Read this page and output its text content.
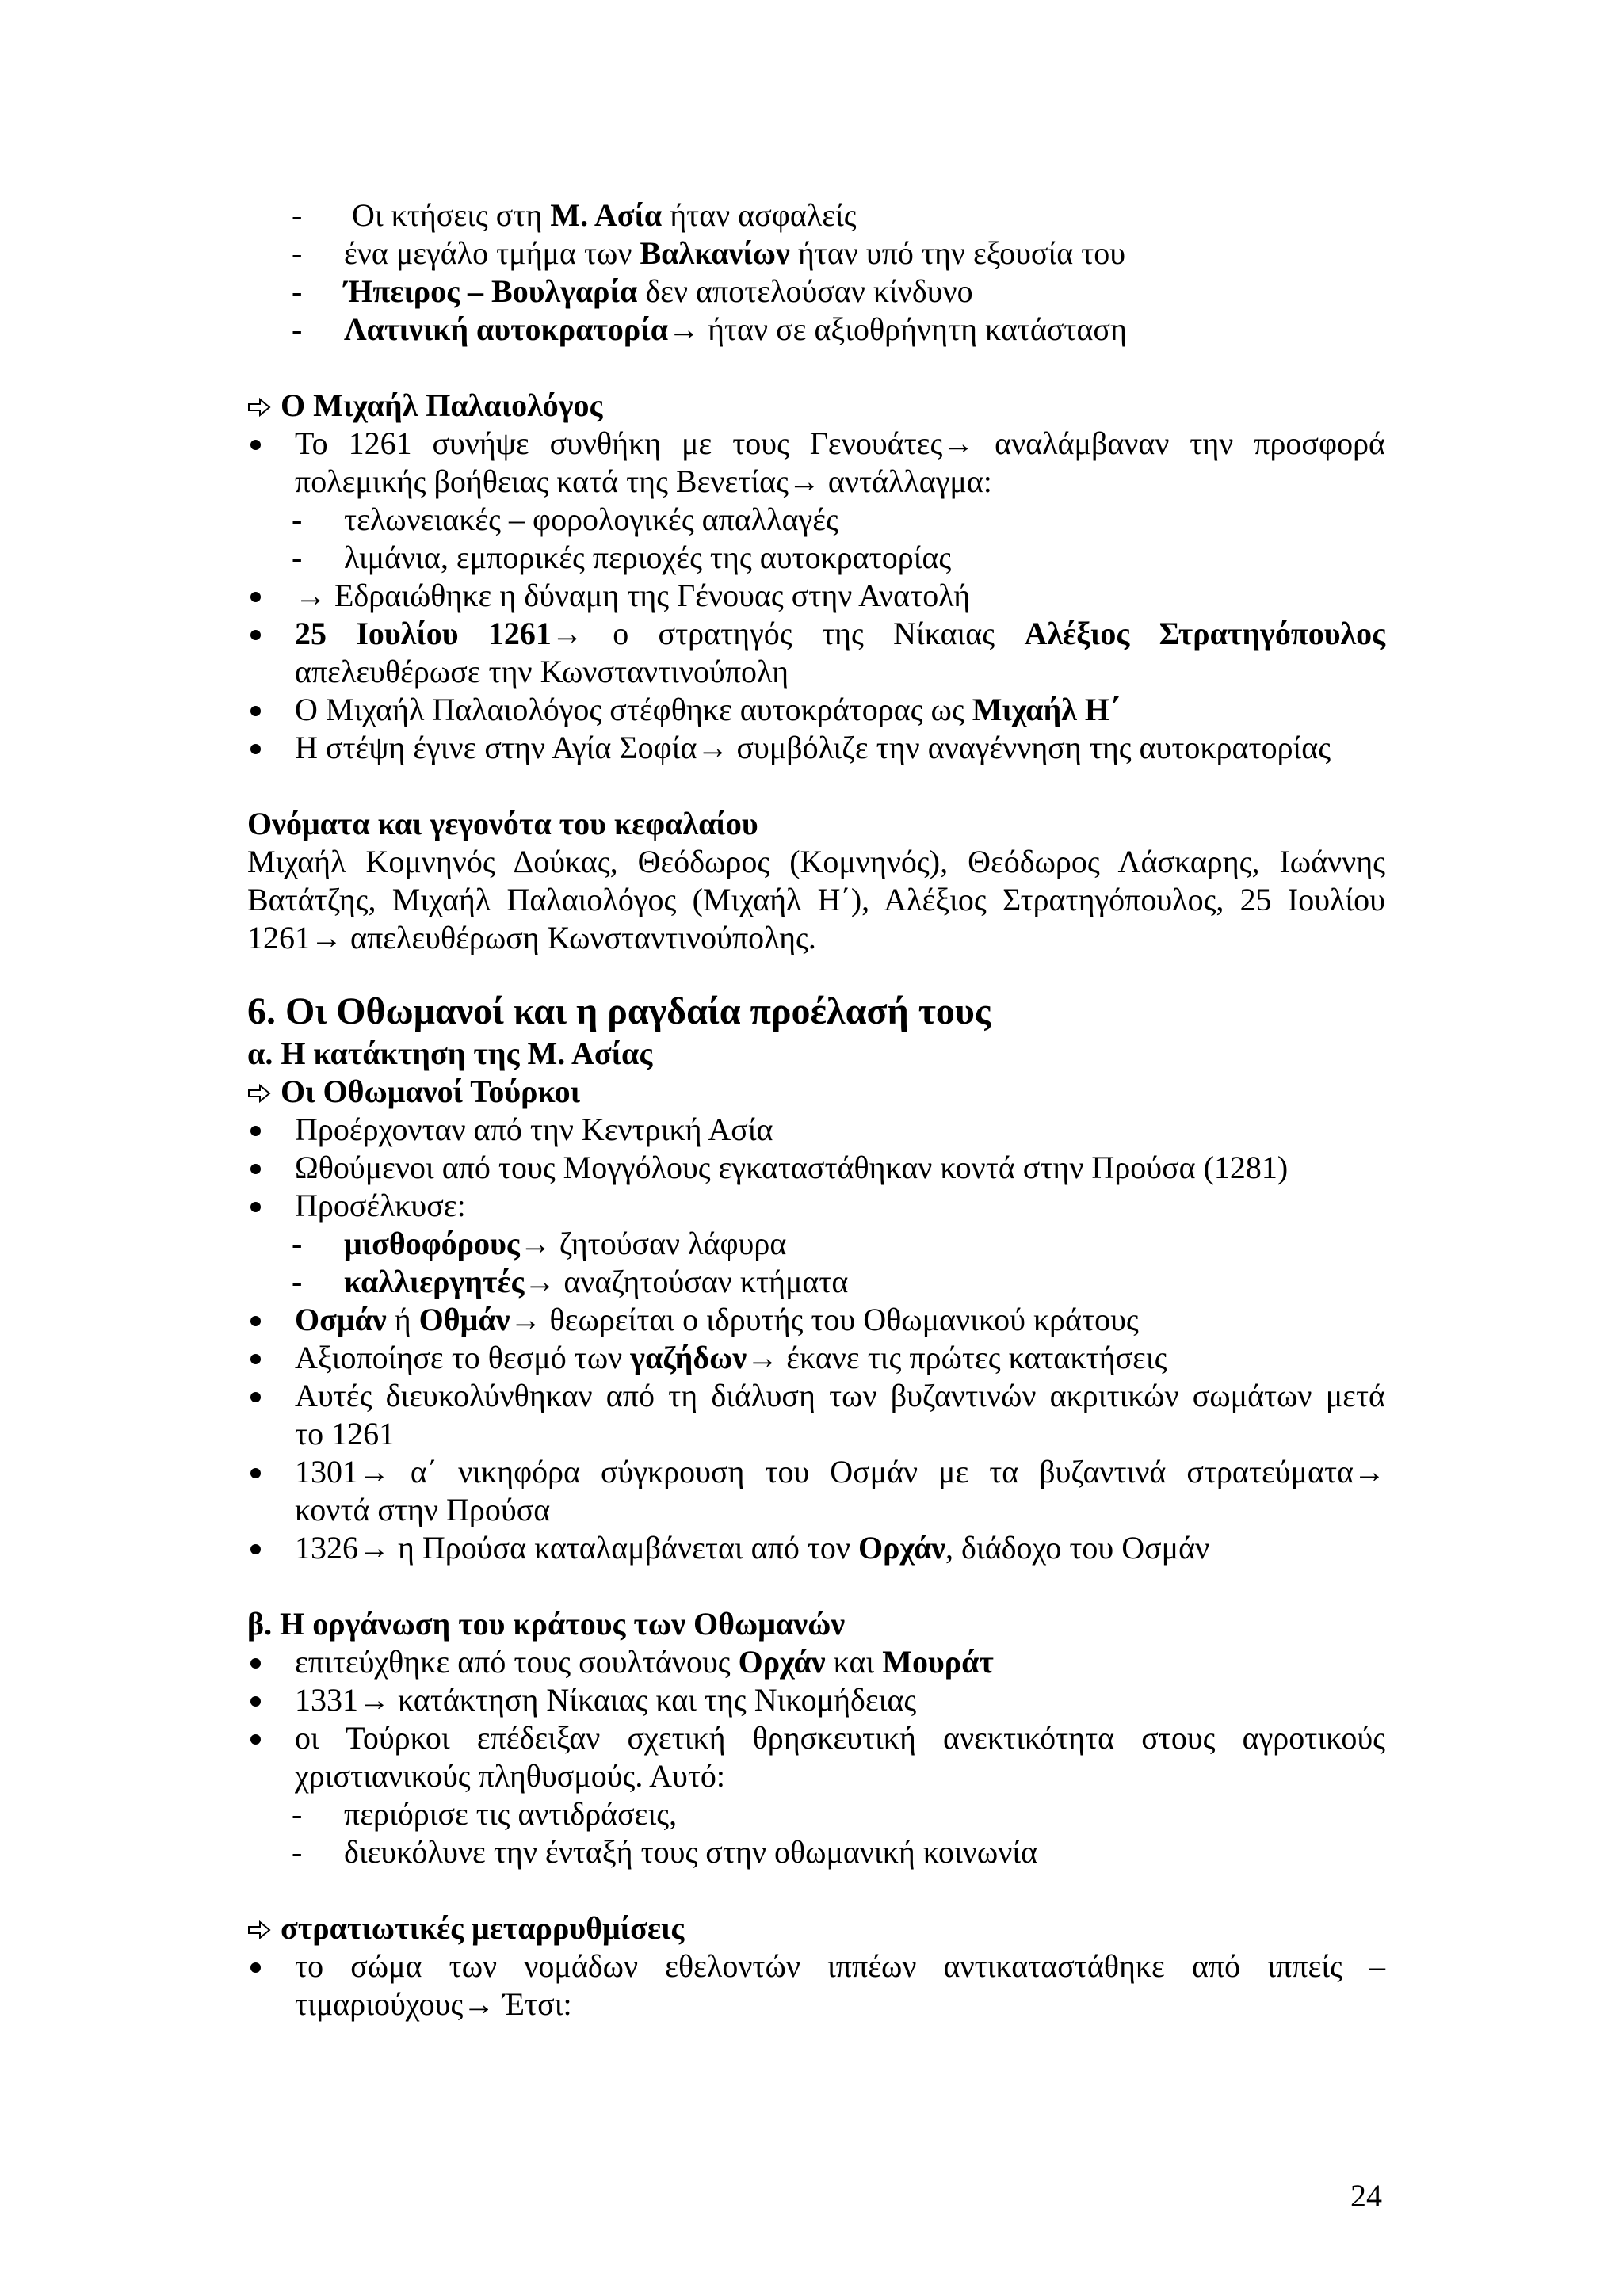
- Οι κτήσεις στη Μ. Ασία ήταν ασφαλείς
- ένα μεγάλο τμήμα των Βαλκανίων ήταν υπό την εξουσία του
- Ήπειρος – Βουλγαρία δεν αποτελούσαν κίνδυνο
- Λατινική αυτοκρατορία→ ήταν σε αξιοθρήνητη κατάσταση
Ο Μιχαήλ Παλαιολόγος
Το 1261 συνήψε συνθήκη με τους Γενουάτες→ αναλάμβαναν την προσφορά
πολεμικής βοήθειας κατά της Βενετίας→ αντάλλαγμα:
- τελωνειακές – φορολογικές απαλλαγές
- λιμάνια, εμπορικές περιοχές της αυτοκρατορίας
→ Εδραιώθηκε η δύναμη της Γένουας στην Ανατολή
25 Ιουλίου 1261→ ο στρατηγός της Νίκαιας Αλέξιος Στρατηγόπουλος
απελευθέρωσε την Κωνσταντινούπολη
Ο Μιχαήλ Παλαιολόγος στέφθηκε αυτοκράτορας ως Μιχαήλ Η΄
Η στέψη έγινε στην Αγία Σοφία→ συμβόλιζε την αναγέννηση της αυτοκρατορίας
Ονόματα και γεγονότα του κεφαλαίου
Μιχαήλ Κομνηνός Δούκας, Θεόδωρος (Κομνηνός), Θεόδωρος Λάσκαρης, Ιωάννης
Βατάτζης, Μιχαήλ Παλαιολόγος (Μιχαήλ Η΄), Αλέξιος Στρατηγόπουλος, 25 Ιουλίου
1261→ απελευθέρωση Κωνσταντινούπολης.
6. Οι Οθωμανοί και η ραγδαία προέλασή τους
α. Η κατάκτηση της Μ. Ασίας
Οι Οθωμανοί Τούρκοι
Προέρχονταν από την Κεντρική Ασία
Ωθούμενοι από τους Μογγόλους εγκαταστάθηκαν κοντά στην Προύσα (1281)
Προσέλκυσε:
- μισθοφόρους→ ζητούσαν λάφυρα
- καλλιεργητές→ αναζητούσαν κτήματα
Οσμάν ή Οθμάν→ θεωρείται ο ιδρυτής του Οθωμανικού κράτους
Αξιοποίησε το θεσμό των γαζήδων→ έκανε τις πρώτες κατακτήσεις
Αυτές διευκολύνθηκαν από τη διάλυση των βυζαντινών ακριτικών σωμάτων μετά
το 1261
1301→ α΄ νικηφόρα σύγκρουση του Οσμάν με τα βυζαντινά στρατεύματα→
κοντά στην Προύσα
1326→ η Προύσα καταλαμβάνεται από τον Ορχάν, διάδοχο του Οσμάν
β. Η οργάνωση του κράτους των Οθωμανών
επιτεύχθηκε από τους σουλτάνους Ορχάν και Μουράτ
1331→ κατάκτηση Νίκαιας και της Νικομήδειας
οι Τούρκοι επέδειξαν σχετική θρησκευτική ανεκτικότητα στους αγροτικούς
χριστιανικούς πληθυσμούς. Αυτό:
- περιόρισε τις αντιδράσεις,
- διευκόλυνε την ένταξή τους στην οθωμανική κοινωνία
στρατιωτικές μεταρρυθμίσεις
το σώμα των νομάδων εθελοντών ιππέων αντικαταστάθηκε από ιππείς –
τιμαριούχους→ Έτσι:
24
